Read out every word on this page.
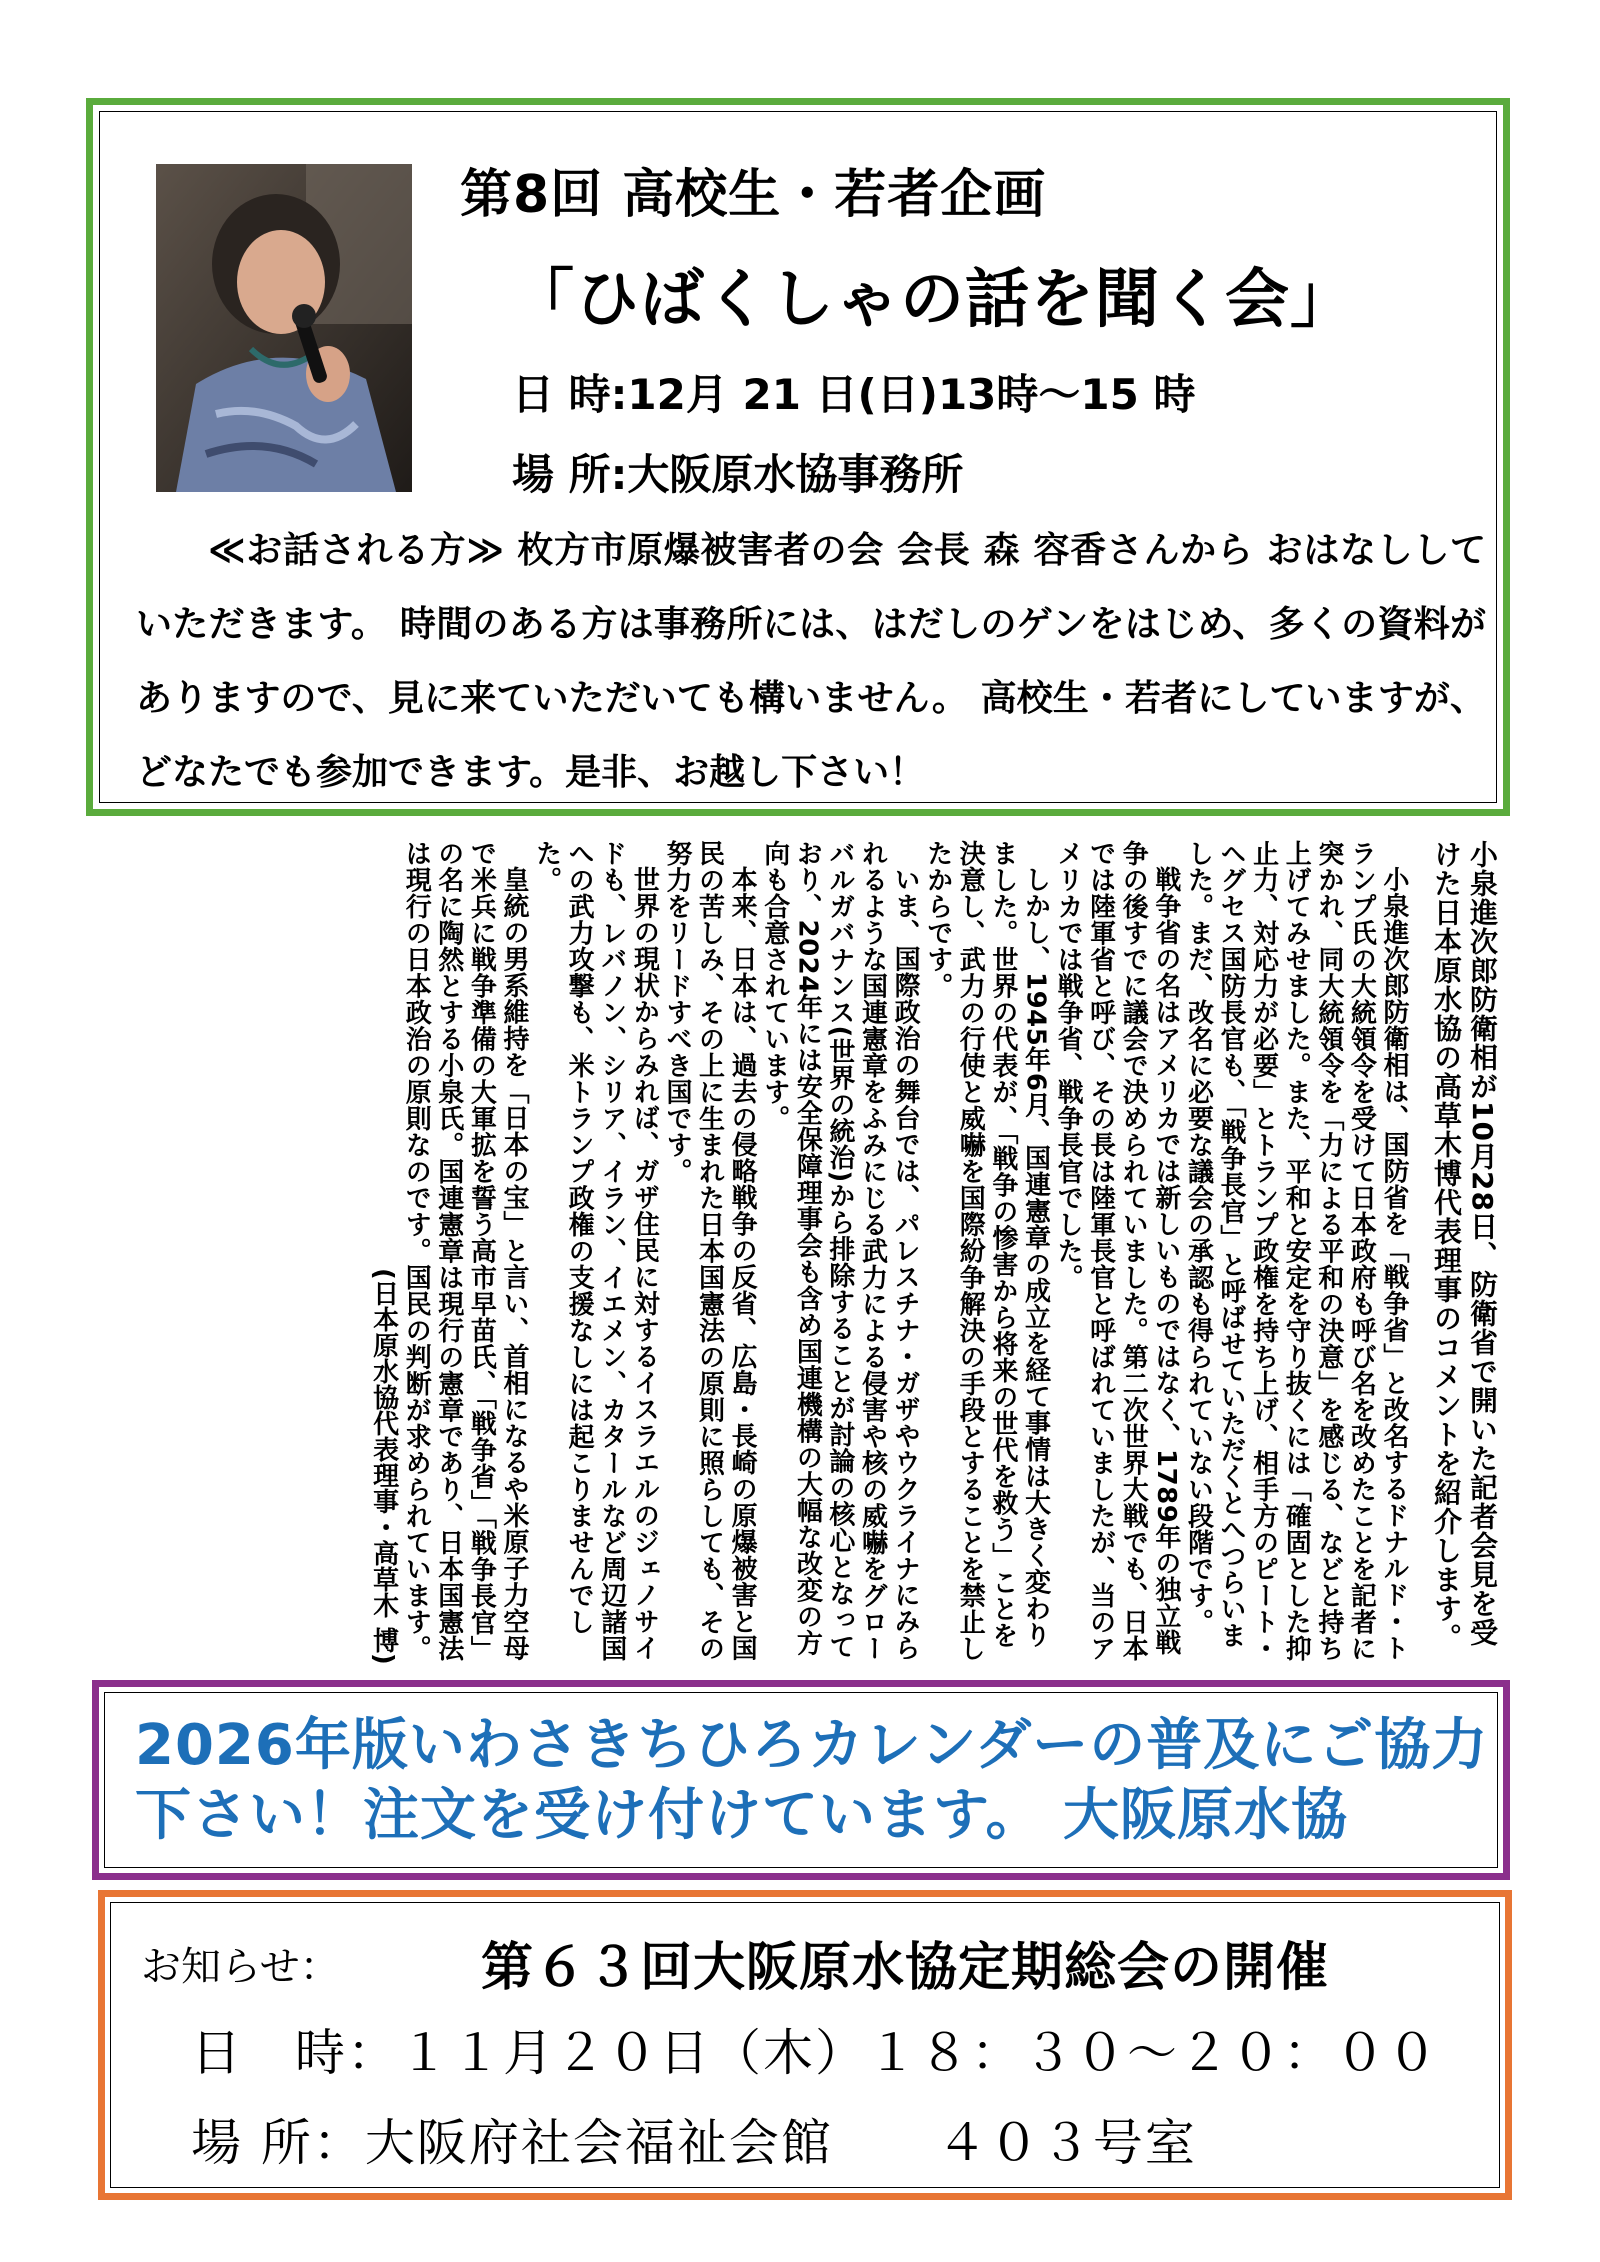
第8回 高校生・若者企画
「ひばくしゃの話を聞く会」
日 時:12月 21 日(日)13時～15 時
場 所:大阪原水協事務所
≪お話される方≫ 枚方市原爆被害者の会 会長 森 容香さんから おはなししていただきます。 時間のある方は事務所には、はだしのゲンをはじめ、多くの資料が ありますので、見に来ていただいても構いません。 高校生・若者にしていますが、どなたでも参加できます。是非、お越し下さい！

小泉進次郎防衛相が10月28日、防衛省で開いた記者会見を受けた日本原水協の高草木博代表理事のコメントを紹介します。

小泉進次郎防衛相は、国防省を「戦争省」と改名するドナルド・トランプ氏の大統領令を受けて日本政府も呼び名を改めたことを記者に突かれ、同大統領令を「力による平和の決意」を感じる、などと持ち上げてみせました。また、平和と安定を守り抜くには「確固とした抑止力、対応力が必要」とトランプ政権を持ち上げ、相手方のピート・ヘグセス国防長官も、「戦争長官」と呼ばせていただくとへつらいました。まだ、改名に必要な議会の承認も得られていない段階です。

戦争省の名はアメリカでは新しいものではなく、1789年の独立戦争の後すでに議会で決められていました。第二次世界大戦でも、日本では陸軍省と呼び、その長は陸軍長官と呼ばれていましたが、当のアメリカでは戦争省、戦争長官でした。

しかし、1945年6月、国連憲章の成立を経て事情は大きく変わりました。世界の代表が、「戦争の惨害から将来の世代を救う」ことを決意し、武力の行使と威嚇を国際紛争解決の手段とすることを禁止したからです。

いま、国際政治の舞台では、パレスチナ・ガザやウクライナにみられるような国連憲章をふみにじる武力による侵害や核の威嚇をグローバルガバナンス(世界の統治)から排除することが討論の核心となっており、2024年には安全保障理事会も含め国連機構の大幅な改変の方向も合意されています。

本来、日本は、過去の侵略戦争の反省、広島・長崎の原爆被害と国民の苦しみ、その上に生まれた日本国憲法の原則に照らしても、その努力をリードすべき国です。

世界の現状からみれば、ガザ住民に対するイスラエルのジェノサイドも、レバノン、シリア、イラン、イエメン、カタールなど周辺諸国への武力攻撃も、米トランプ政権の支援なしには起こりませんでした。

皇統の男系維持を「日本の宝」と言い、首相になるや米原子力空母で米兵に戦争準備の大軍拡を誓う高市早苗氏、「戦争省」「戦争長官」の名に陶然とする小泉氏。国連憲章は現行の憲章であり、日本国憲法は現行の日本政治の原則なのです。国民の判断が求められています。

(日本原水協代表理事・高草木 博)

2026年版いわさきちひろカレンダーの普及にご協力下さい！注文を受け付けています。 大阪原水協
お知らせ：	第６３回大阪原水協定期総会の開催
日　時：１１月２０日（木）１８：３０～２０：００
場 所：大阪府社会福祉会館　　４０３号室
